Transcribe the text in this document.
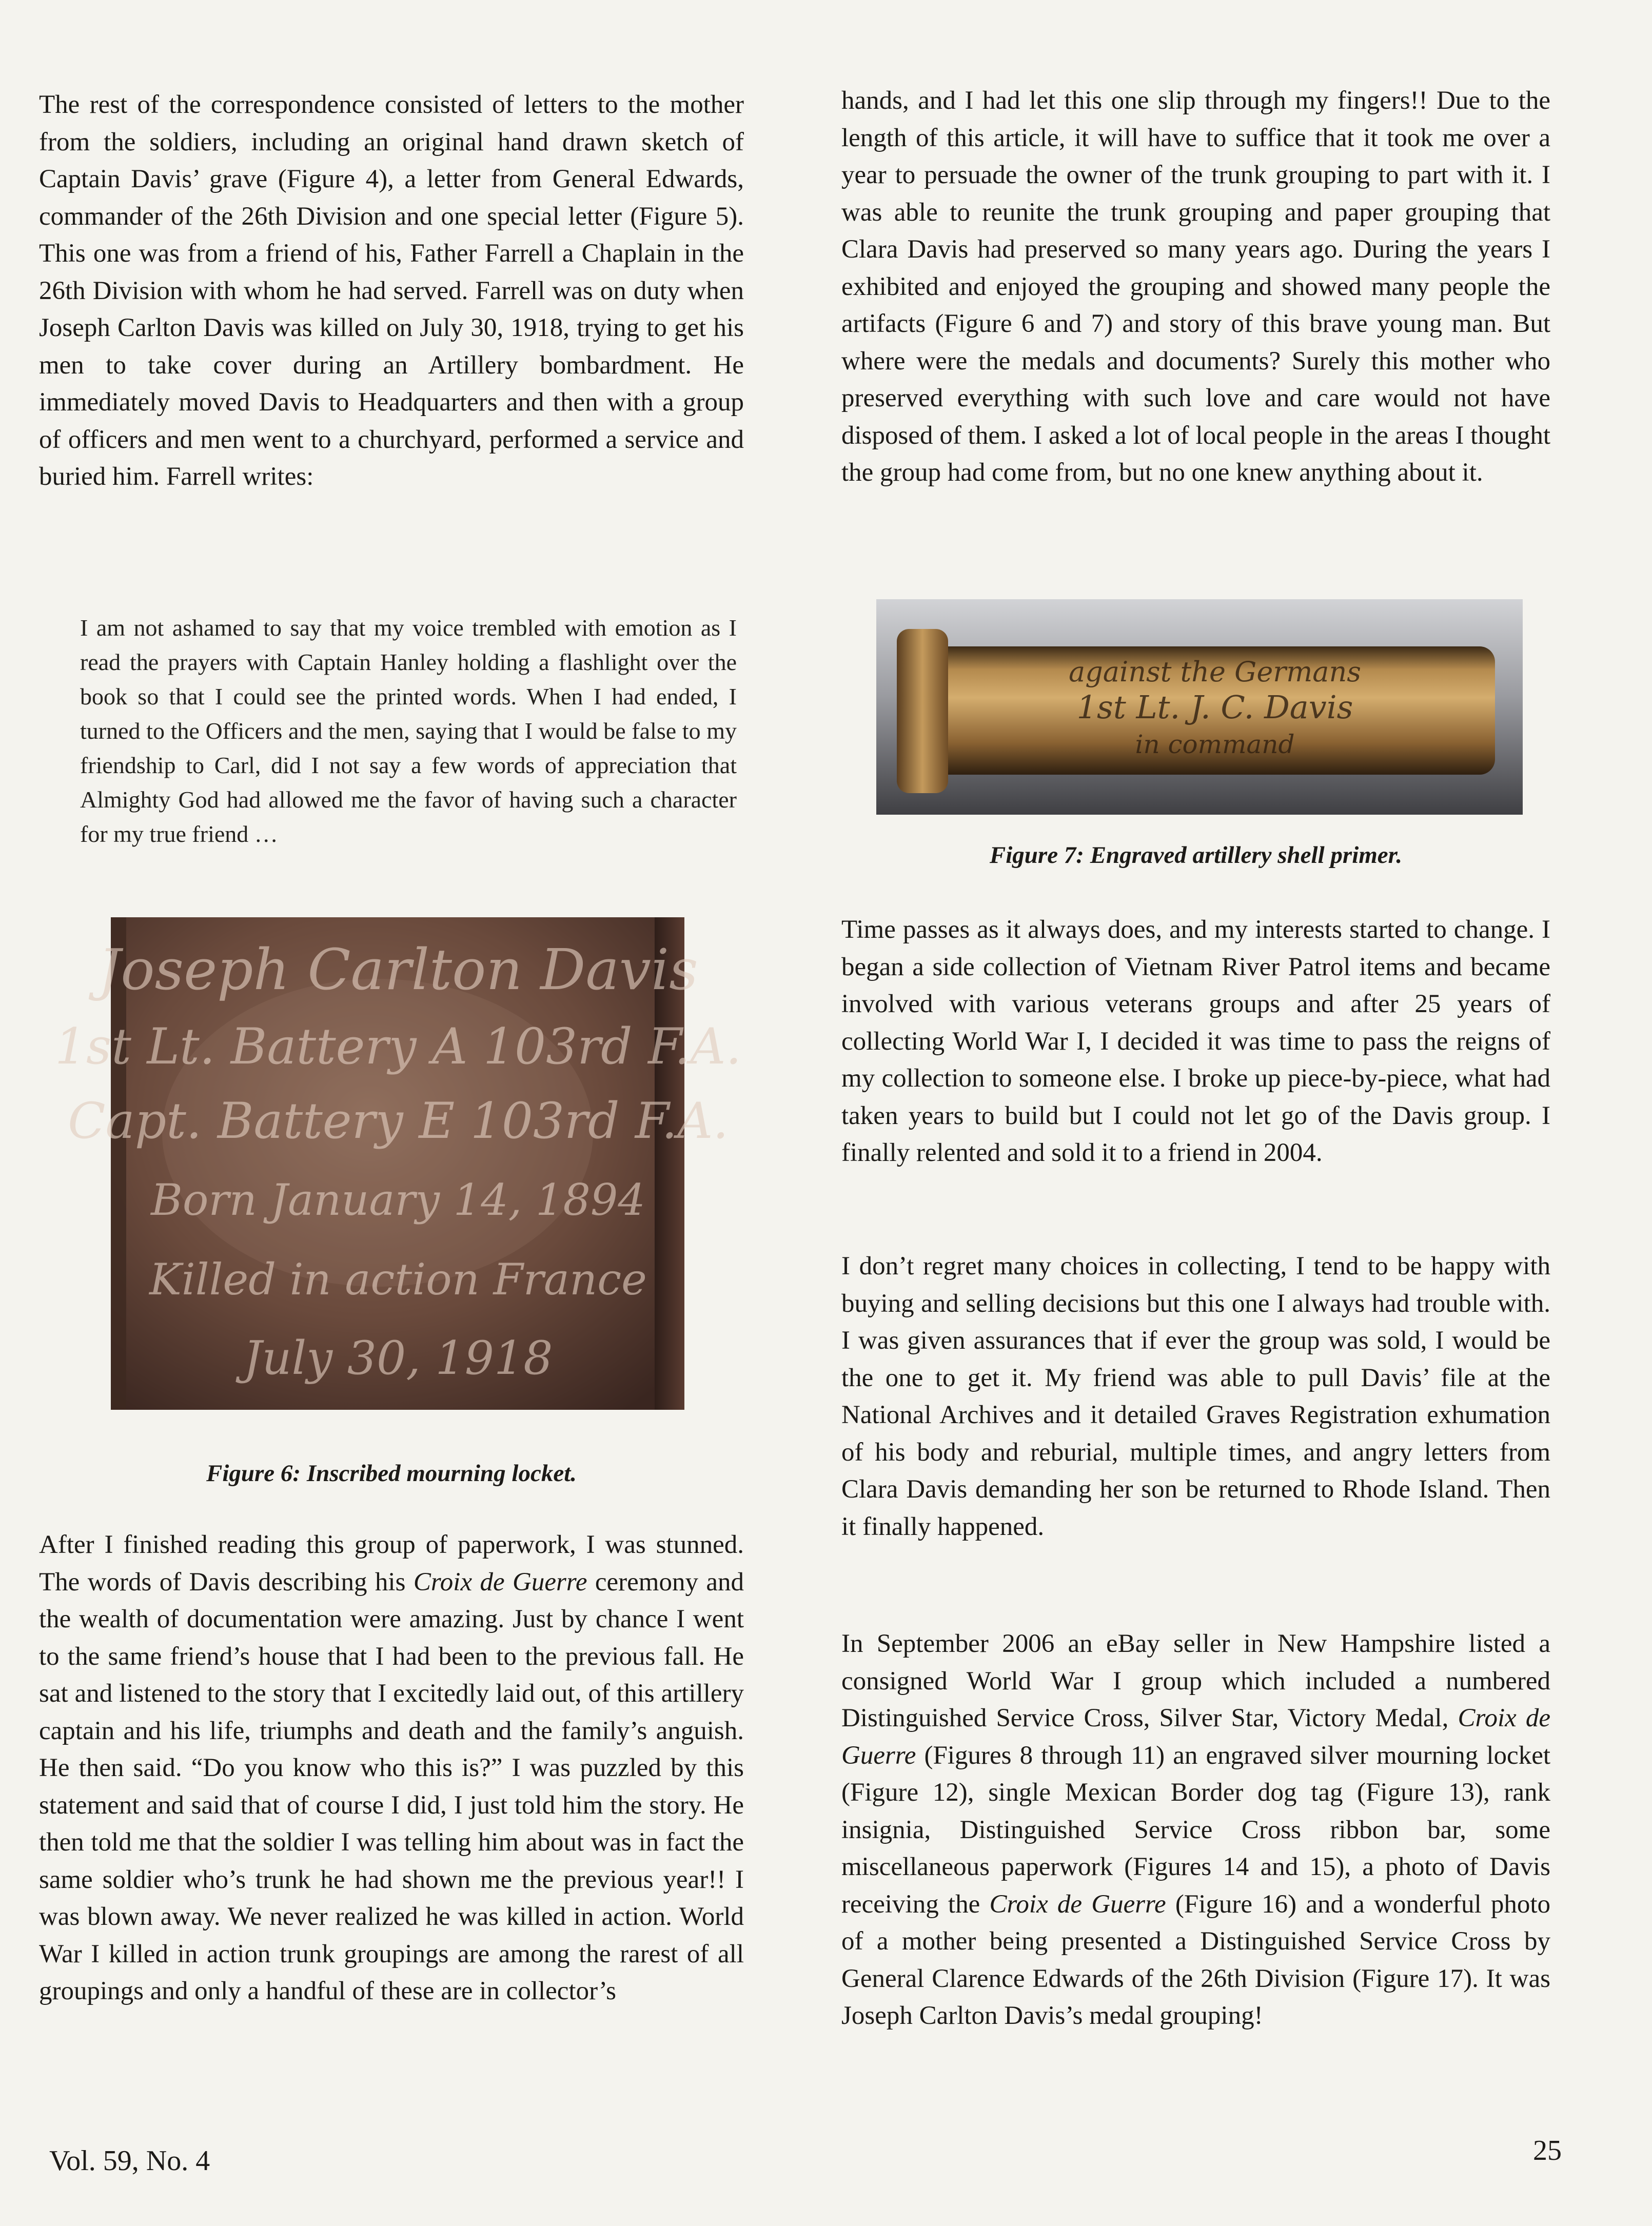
The rest of the correspondence consisted of letters to the mother from the soldiers, including an original hand drawn sketch of Captain Davis’ grave (Figure 4), a letter from General Edwards, commander of the 26th Division and one special letter (Figure 5). This one was from a friend of his, Father Farrell a Chaplain in the 26th Division with whom he had served. Farrell was on duty when Joseph Carlton Davis was killed on July 30, 1918, trying to get his men to take cover during an Artillery bombardment. He immediately moved Davis to Headquarters and then with a group of officers and men went to a churchyard, performed a service and buried him. Farrell writes:

I am not ashamed to say that my voice trembled with emotion as I read the prayers with Captain Hanley holding a flashlight over the book so that I could see the printed words. When I had ended, I turned to the Officers and the men, saying that I would be false to my friendship to Carl, did I not say a few words of appreciation that Almighty God had allowed me the favor of having such a character for my true friend …

Joseph Carlton Davis
1st Lt. Battery A 103rd F.A.
Capt. Battery E 103rd F.A.
Born January 14, 1894
Killed in action France
July 30, 1918

Figure 6: Inscribed mourning locket.

After I finished reading this group of paperwork, I was stunned. The words of Davis describing his Croix de Guerre ceremony and the wealth of documentation were amazing. Just by chance I went to the same friend’s house that I had been to the previous fall. He sat and listened to the story that I excitedly laid out, of this artillery captain and his life, triumphs and death and the family’s anguish. He then said. “Do you know who this is?” I was puzzled by this statement and said that of course I did, I just told him the story. He then told me that the soldier I was telling him about was in fact the same soldier who’s trunk he had shown me the previous year!! I was blown away. We never realized he was killed in action. World War I killed in action trunk groupings are among the rarest of all groupings and only a handful of these are in collector’s

hands, and I had let this one slip through my fingers!! Due to the length of this article, it will have to suffice that it took me over a year to persuade the owner of the trunk grouping to part with it. I was able to reunite the trunk grouping and paper grouping that Clara Davis had preserved so many years ago. During the years I exhibited and enjoyed the grouping and showed many people the artifacts (Figure 6 and 7) and story of this brave young man. But where were the medals and documents? Surely this mother who preserved everything with such love and care would not have disposed of them. I asked a lot of local people in the areas I thought the group had come from, but no one knew anything about it.

against the Germans
1st Lt. J. C. Davis
in command

Figure 7: Engraved artillery shell primer.

Time passes as it always does, and my interests started to change. I began a side collection of Vietnam River Patrol items and became involved with various veterans groups and after 25 years of collecting World War I, I decided it was time to pass the reigns of my collection to someone else. I broke up piece-by-piece, what had taken years to build but I could not let go of the Davis group. I finally relented and sold it to a friend in 2004.

I don’t regret many choices in collecting, I tend to be happy with buying and selling decisions but this one I always had trouble with. I was given assurances that if ever the group was sold, I would be the one to get it. My friend was able to pull Davis’ file at the National Archives and it detailed Graves Registration exhumation of his body and reburial, multiple times, and angry letters from Clara Davis demanding her son be returned to Rhode Island. Then it finally happened.

In September 2006 an eBay seller in New Hampshire listed a consigned World War I group which included a numbered Distinguished Service Cross, Silver Star, Victory Medal, Croix de Guerre (Figures 8 through 11) an engraved silver mourning locket (Figure 12), single Mexican Border dog tag (Figure 13), rank insignia, Distinguished Service Cross ribbon bar, some miscellaneous paperwork (Figures 14 and 15), a photo of Davis receiving the Croix de Guerre (Figure 16) and a wonderful photo of a mother being presented a Distinguished Service Cross by General Clarence Edwards of the 26th Division (Figure 17). It was Joseph Carlton Davis’s medal grouping!

Vol. 59, No. 4	25
